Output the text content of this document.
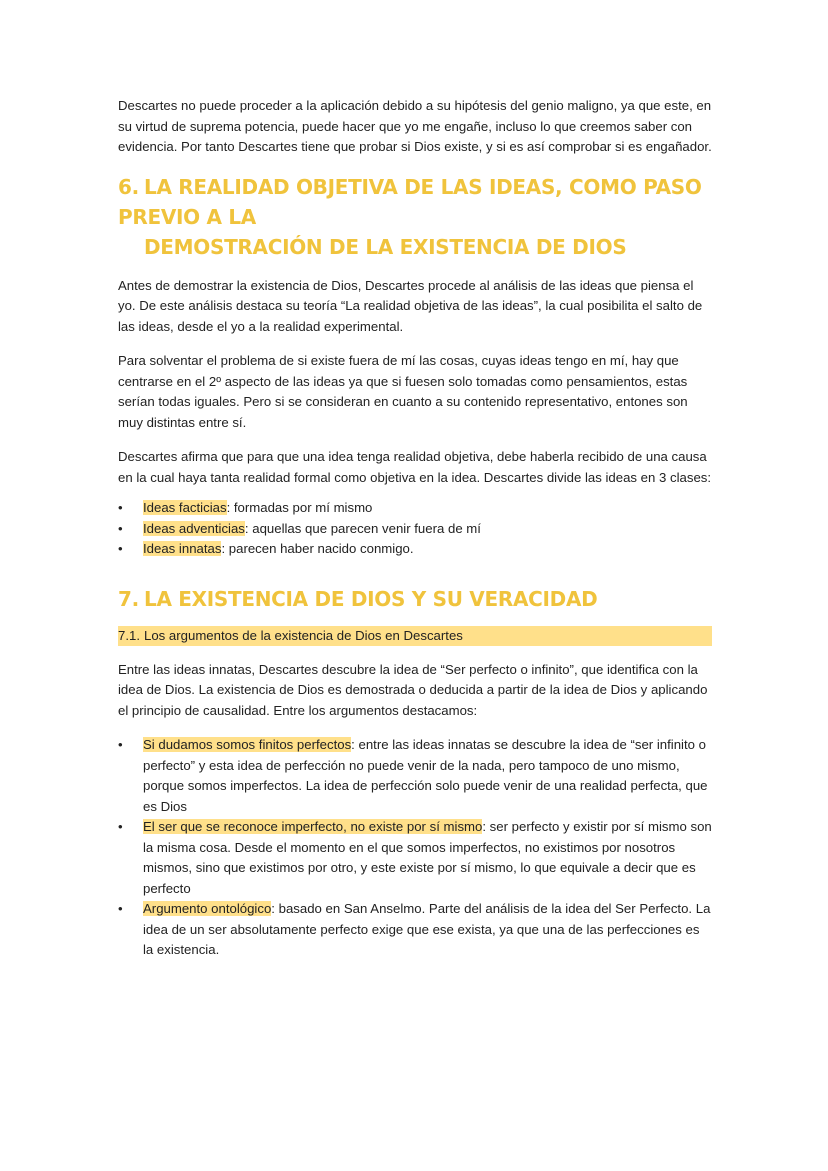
Descartes no puede proceder a la aplicación debido a su hipótesis del genio maligno, ya que este, en su virtud de suprema potencia, puede hacer que yo me engañe, incluso lo que creemos saber con evidencia. Por tanto Descartes tiene que probar si Dios existe, y si es así comprobar si es engañador.

6. LA REALIDAD OBJETIVA DE LAS IDEAS, COMO PASO PREVIO A LA
DEMOSTRACIÓN DE LA EXISTENCIA DE DIOS

Antes de demostrar la existencia de Dios, Descartes procede al análisis de las ideas que piensa el yo. De este análisis destaca su teoría “La realidad objetiva de las ideas”, la cual posibilita el salto de las ideas, desde el yo a la realidad experimental.

Para solventar el problema de si existe fuera de mí las cosas, cuyas ideas tengo en mí, hay que centrarse en el 2º aspecto de las ideas ya que si fuesen solo tomadas como pensamientos, estas serían todas iguales. Pero si se consideran en cuanto a su contenido representativo, entones son muy distintas entre sí.

Descartes afirma que para que una idea tenga realidad objetiva, debe haberla recibido de una causa en la cual haya tanta realidad formal como objetiva en la idea. Descartes divide las ideas en 3 clases:

•	Ideas facticias: formadas por mí mismo
•	Ideas adventicias: aquellas que parecen venir fuera de mí
•	Ideas innatas: parecen haber nacido conmigo.
7. LA EXISTENCIA DE DIOS Y SU VERACIDAD
7.1. Los argumentos de la existencia de Dios en Descartes

Entre las ideas innatas, Descartes descubre la idea de “Ser perfecto o infinito”, que identifica con la idea de Dios. La existencia de Dios es demostrada o deducida a partir de la idea de Dios y aplicando el principio de causalidad. Entre los argumentos destacamos:

•	Si dudamos somos finitos perfectos: entre las ideas innatas se descubre la idea de “ser infinito o perfecto” y esta idea de perfección no puede venir de la nada, pero tampoco de uno mismo, porque somos imperfectos. La idea de perfección solo puede venir de una realidad perfecta, que es Dios
•	El ser que se reconoce imperfecto, no existe por sí mismo: ser perfecto y existir por sí mismo son la misma cosa. Desde el momento en el que somos imperfectos, no existimos por nosotros mismos, sino que existimos por otro, y este existe por sí mismo, lo que equivale a decir que es perfecto
•	Argumento ontológico: basado en San Anselmo. Parte del análisis de la idea del Ser Perfecto. La idea de un ser absolutamente perfecto exige que ese exista, ya que una de las perfecciones es la existencia.
